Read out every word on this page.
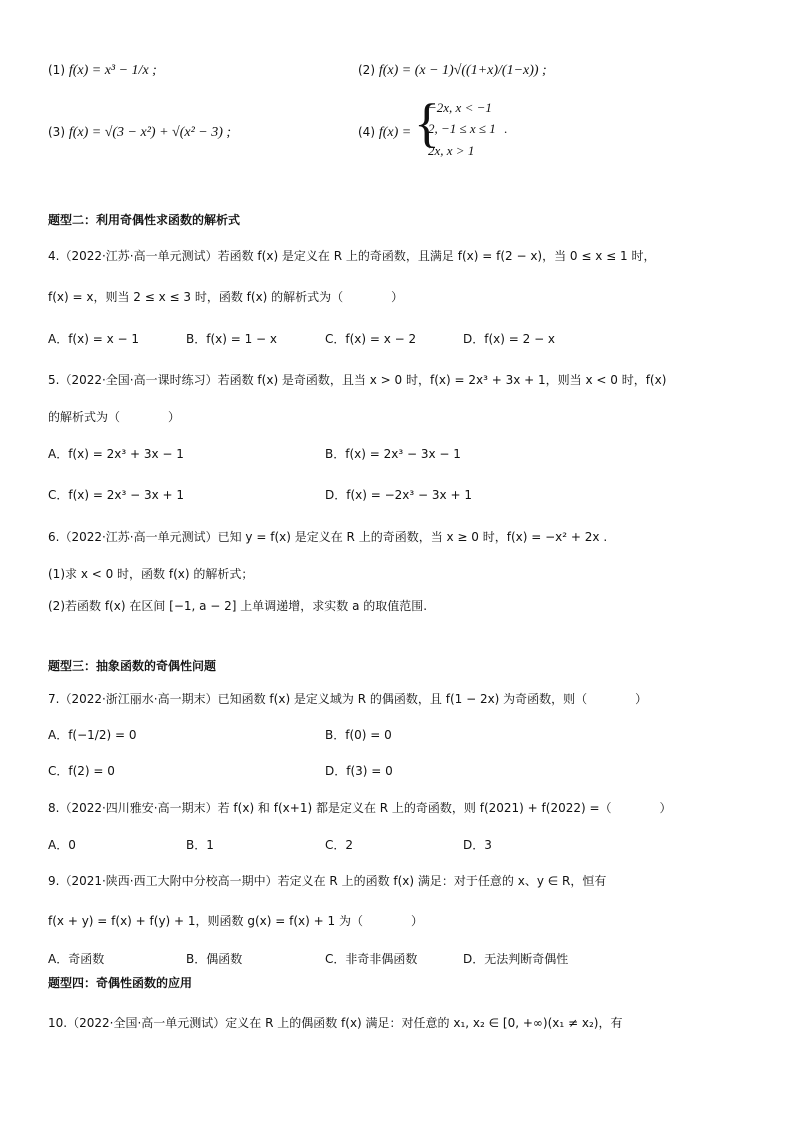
(1) f(x) = x³ − 1/x ;	(2) f(x) = (x − 1)√((1+x)/(1−x)) ;
(3) f(x) = √(3 − x²) + √(x² − 3) ;	(4) f(x) = {
−2x, x < −1
2, −1 ≤ x ≤ 1
2x, x > 1
.
题型二：利用奇偶性求函数的解析式
4.（2022·江苏·高一单元测试）若函数 f(x) 是定义在 R 上的奇函数，且满足 f(x) = f(2 − x)，当 0 ≤ x ≤ 1 时，
f(x) = x，则当 2 ≤ x ≤ 3 时，函数 f(x) 的解析式为（　　　　）
A．f(x) = x − 1	B．f(x) = 1 − x	C．f(x) = x − 2	D．f(x) = 2 − x
5.（2022·全国·高一课时练习）若函数 f(x) 是奇函数，且当 x > 0 时，f(x) = 2x³ + 3x + 1，则当 x < 0 时，f(x)
的解析式为（　　　　）
A．f(x) = 2x³ + 3x − 1	B．f(x) = 2x³ − 3x − 1
C．f(x) = 2x³ − 3x + 1	D．f(x) = −2x³ − 3x + 1
6.（2022·江苏·高一单元测试）已知 y = f(x) 是定义在 R 上的奇函数，当 x ≥ 0 时，f(x) = −x² + 2x .
(1)求 x < 0 时，函数 f(x) 的解析式；
(2)若函数 f(x) 在区间 [−1, a − 2] 上单调递增，求实数 a 的取值范围.
题型三：抽象函数的奇偶性问题
7.（2022·浙江丽水·高一期末）已知函数 f(x) 是定义域为 R 的偶函数，且 f(1 − 2x) 为奇函数，则（　　　　）
A．f(−1/2) = 0	B．f(0) = 0
C．f(2) = 0	D．f(3) = 0
8.（2022·四川雅安·高一期末）若 f(x) 和 f(x+1) 都是定义在 R 上的奇函数，则 f(2021) + f(2022) =（　　　　）
A．0	B．1	C．2	D．3
9.（2021·陕西·西工大附中分校高一期中）若定义在 R 上的函数 f(x) 满足：对于任意的 x、y ∈ R，恒有
f(x + y) = f(x) + f(y) + 1，则函数 g(x) = f(x) + 1 为（　　　　）
A．奇函数	B．偶函数	C．非奇非偶函数	D．无法判断奇偶性
题型四：奇偶性函数的应用
10.（2022·全国·高一单元测试）定义在 R 上的偶函数 f(x) 满足：对任意的 x₁, x₂ ∈ [0, +∞)(x₁ ≠ x₂)，有
